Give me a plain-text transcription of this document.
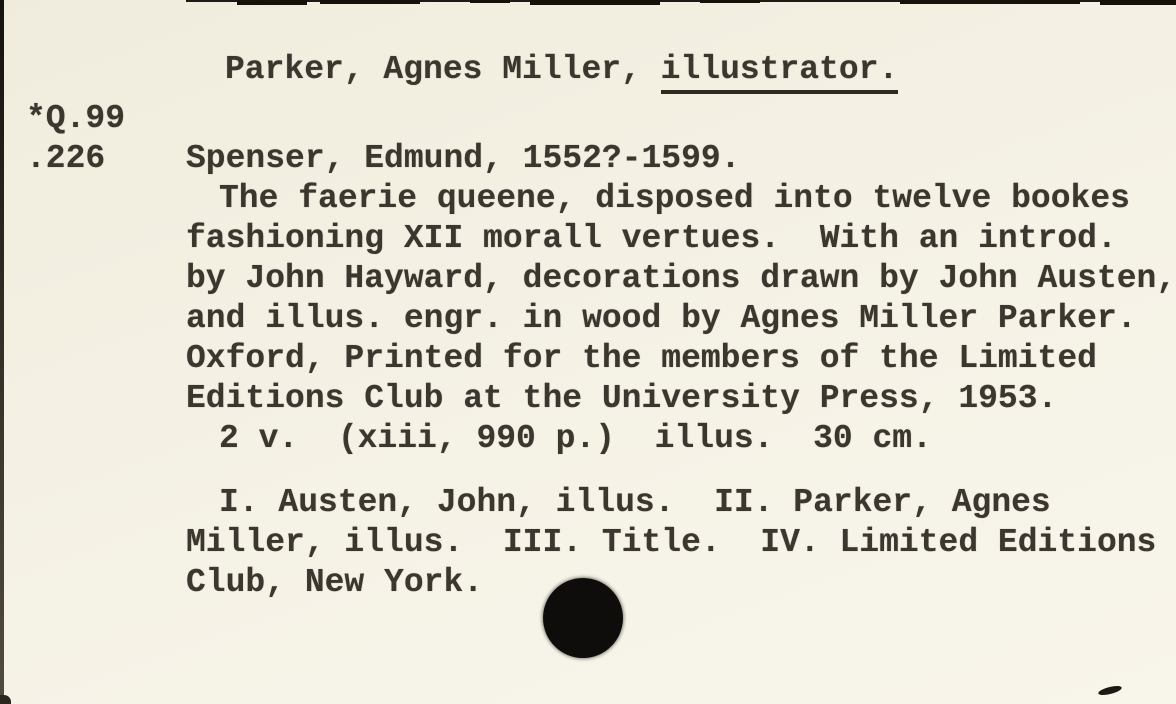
Parker, Agnes Miller, illustrator.
*Q.99
.226	Spenser, Edmund, 1552?-1599.
The faerie queene, disposed into twelve bookes
fashioning XII morall vertues.  With an introd.
by John Hayward, decorations drawn by John Austen,
and illus. engr. in wood by Agnes Miller Parker.
Oxford, Printed for the members of the Limited
Editions Club at the University Press, 1953.
2 v.  (xiii, 990 p.)  illus.  30 cm.
I. Austen, John, illus.  II. Parker, Agnes
Miller, illus.  III. Title.  IV. Limited Editions
Club, New York.
